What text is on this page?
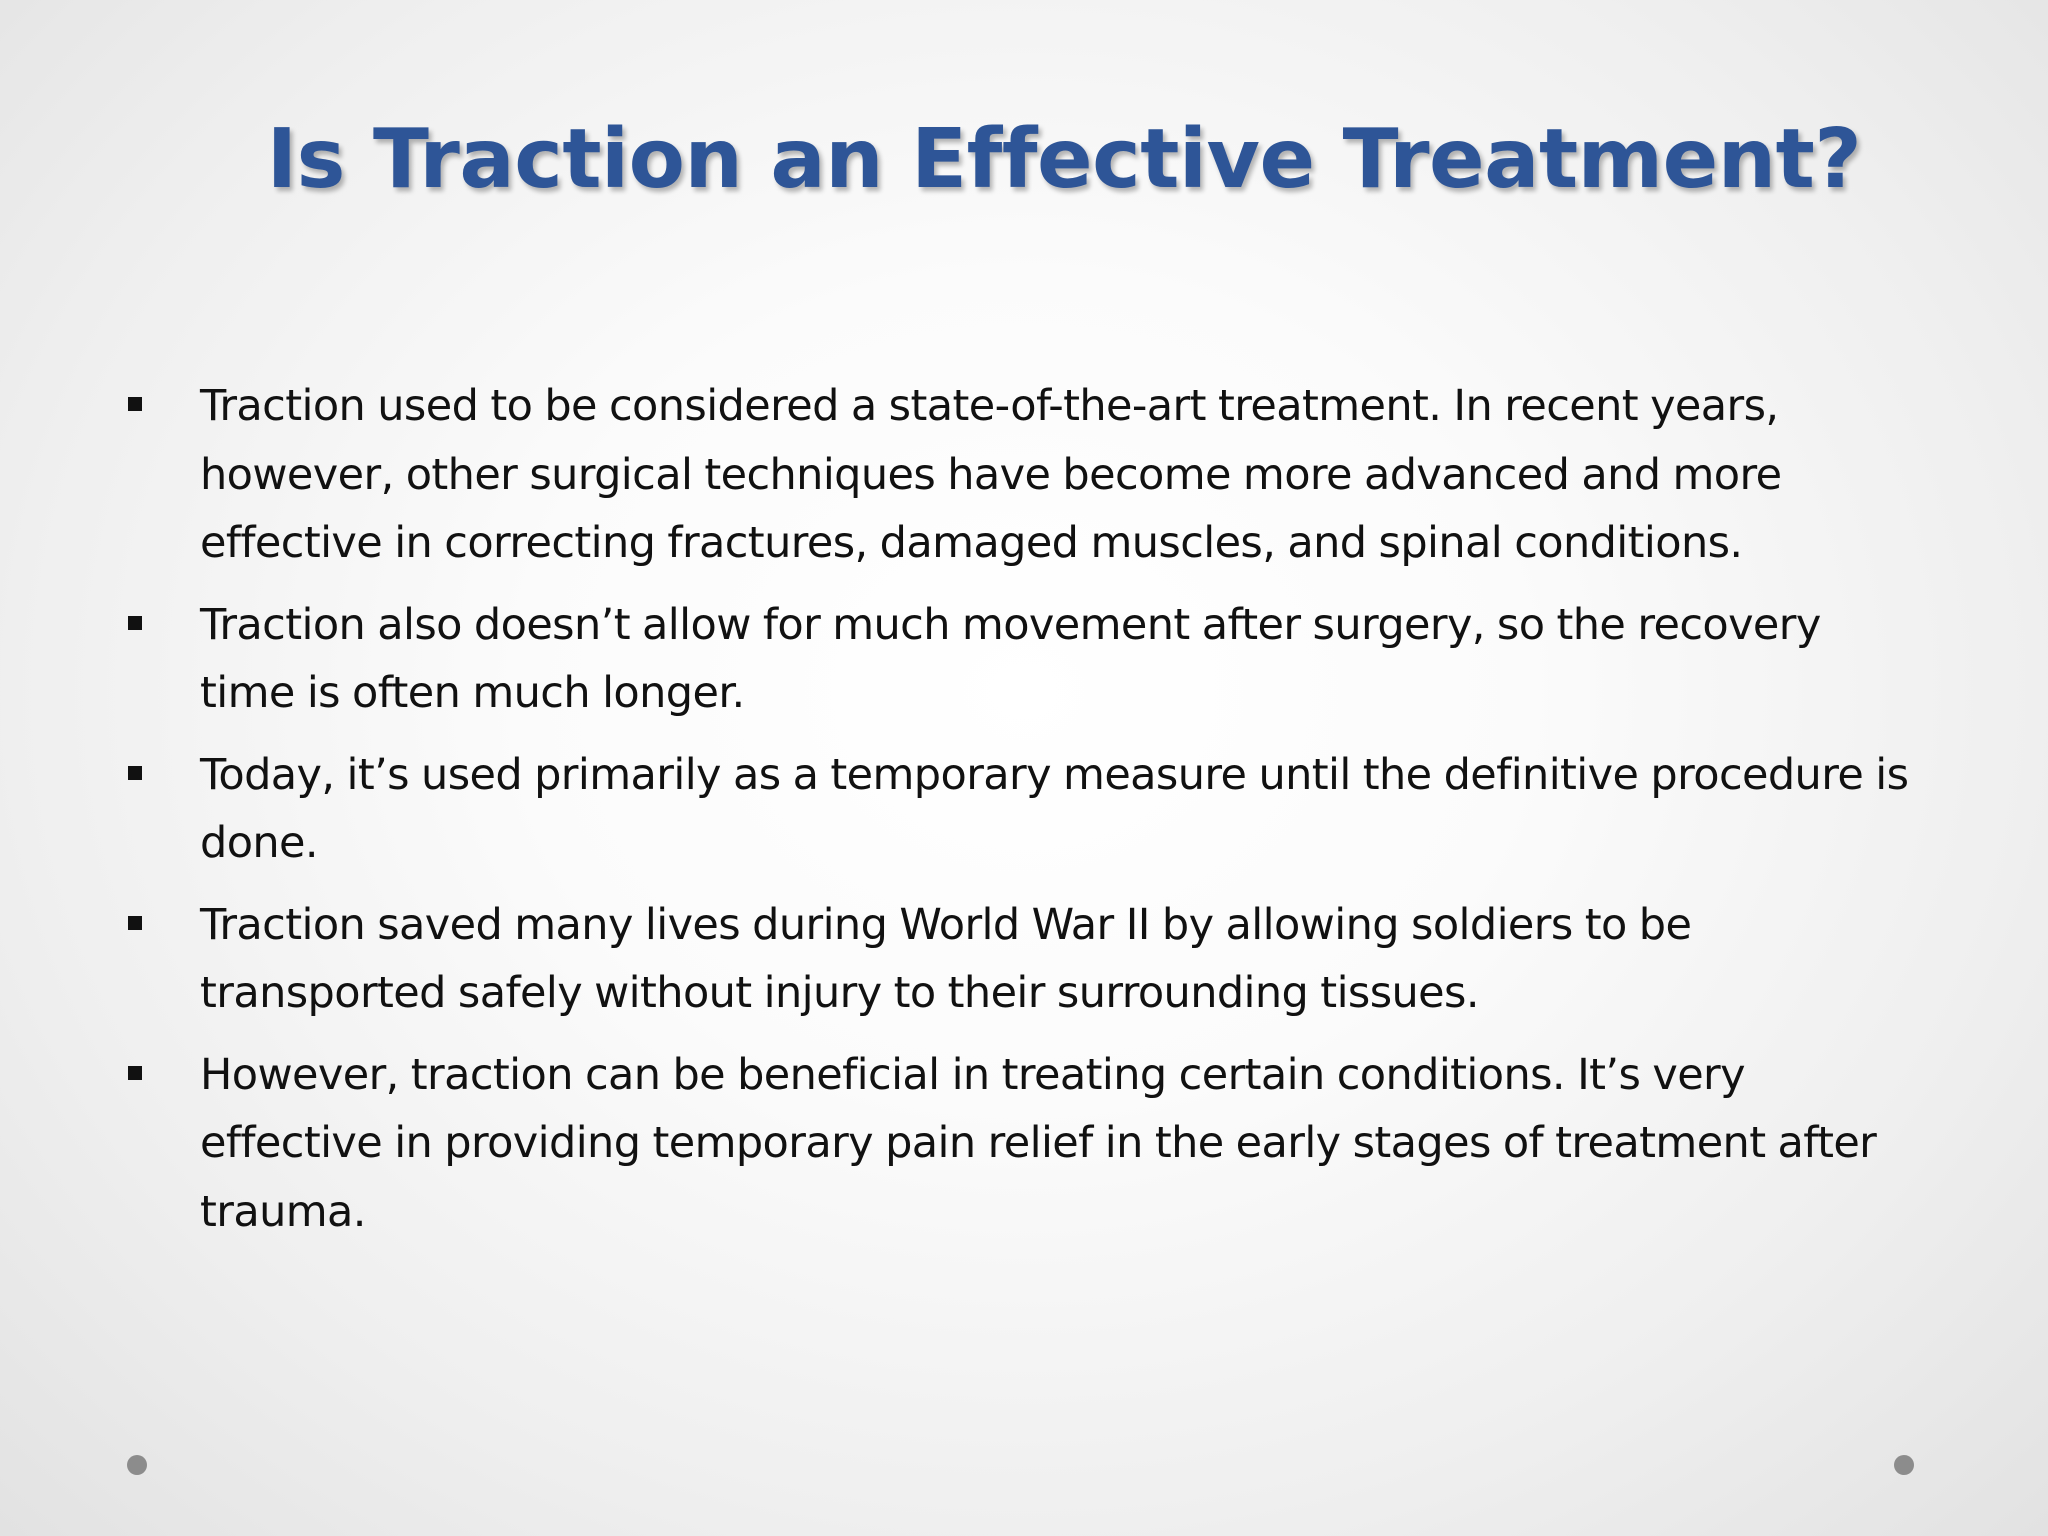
Is Traction an Effective Treatment?
Traction used to be considered a state-of-the-art treatment. In recent years, however, other surgical techniques have become more advanced and more effective in correcting fractures, damaged muscles, and spinal conditions.
Traction also doesn’t allow for much movement after surgery, so the recovery time is often much longer.
Today, it’s used primarily as a temporary measure until the definitive procedure is done.
Traction saved many lives during World War II by allowing soldiers to be transported safely without injury to their surrounding tissues.
However, traction can be beneficial in treating certain conditions. It’s very effective in providing temporary pain relief in the early stages of treatment after trauma.
